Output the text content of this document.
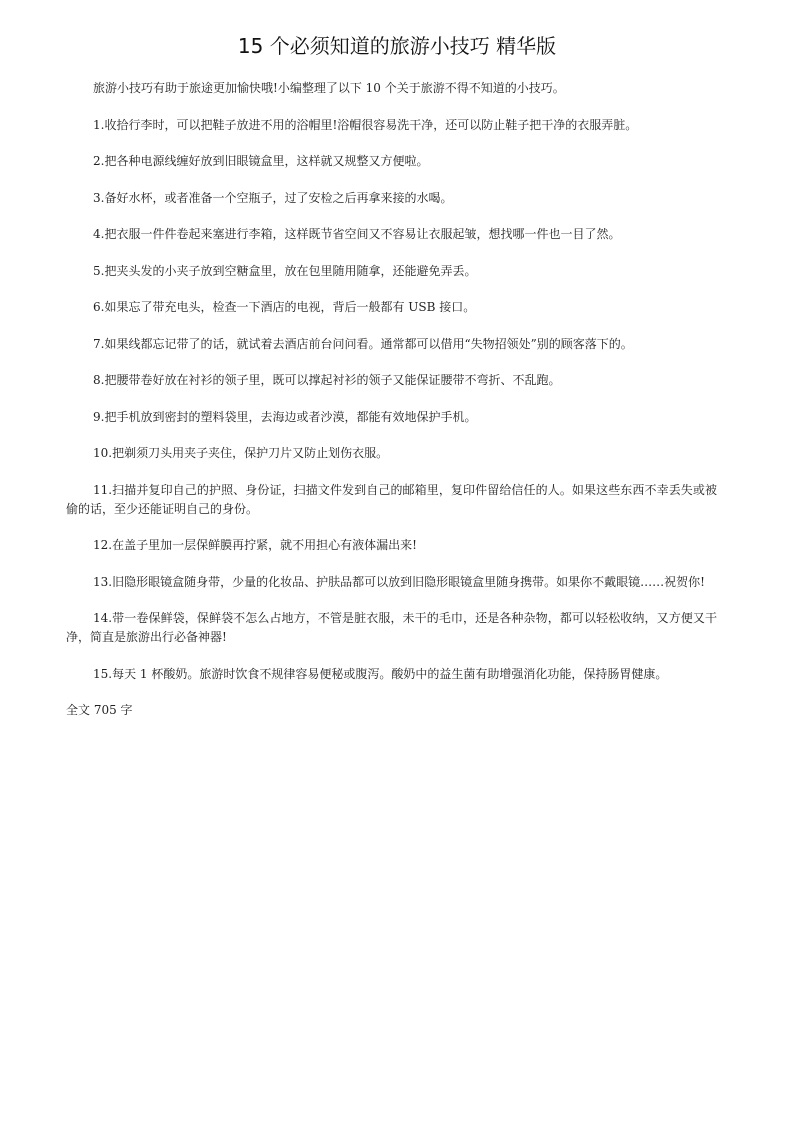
15 个必须知道的旅游小技巧 精华版

旅游小技巧有助于旅途更加愉快哦!小编整理了以下 10 个关于旅游不得不知道的小技巧。

1.收拾行李时，可以把鞋子放进不用的浴帽里!浴帽很容易洗干净，还可以防止鞋子把干净的衣服弄脏。

2.把各种电源线缠好放到旧眼镜盒里，这样就又规整又方便啦。

3.备好水杯，或者准备一个空瓶子，过了安检之后再拿来接的水喝。

4.把衣服一件件卷起来塞进行李箱，这样既节省空间又不容易让衣服起皱，想找哪一件也一目了然。

5.把夹头发的小夹子放到空糖盒里，放在包里随用随拿，还能避免弄丢。

6.如果忘了带充电头，检查一下酒店的电视，背后一般都有 USB 接口。

7.如果线都忘记带了的话，就试着去酒店前台问问看。通常都可以借用“失物招领处”别的顾客落下的。

8.把腰带卷好放在衬衫的领子里，既可以撑起衬衫的领子又能保证腰带不弯折、不乱跑。

9.把手机放到密封的塑料袋里，去海边或者沙漠，都能有效地保护手机。

10.把剃须刀头用夹子夹住，保护刀片又防止划伤衣服。

11.扫描并复印自己的护照、身份证，扫描文件发到自己的邮箱里，复印件留给信任的人。如果这些东西不幸丢失或被偷的话，至少还能证明自己的身份。

12.在盖子里加一层保鲜膜再拧紧，就不用担心有液体漏出来!

13.旧隐形眼镜盒随身带，少量的化妆品、护肤品都可以放到旧隐形眼镜盒里随身携带。如果你不戴眼镜……祝贺你!

14.带一卷保鲜袋，保鲜袋不怎么占地方，不管是脏衣服，未干的毛巾，还是各种杂物，都可以轻松收纳，又方便又干净，简直是旅游出行必备神器!

15.每天 1 杯酸奶。旅游时饮食不规律容易便秘或腹泻。酸奶中的益生菌有助增强消化功能，保持肠胃健康。

全文 705 字
